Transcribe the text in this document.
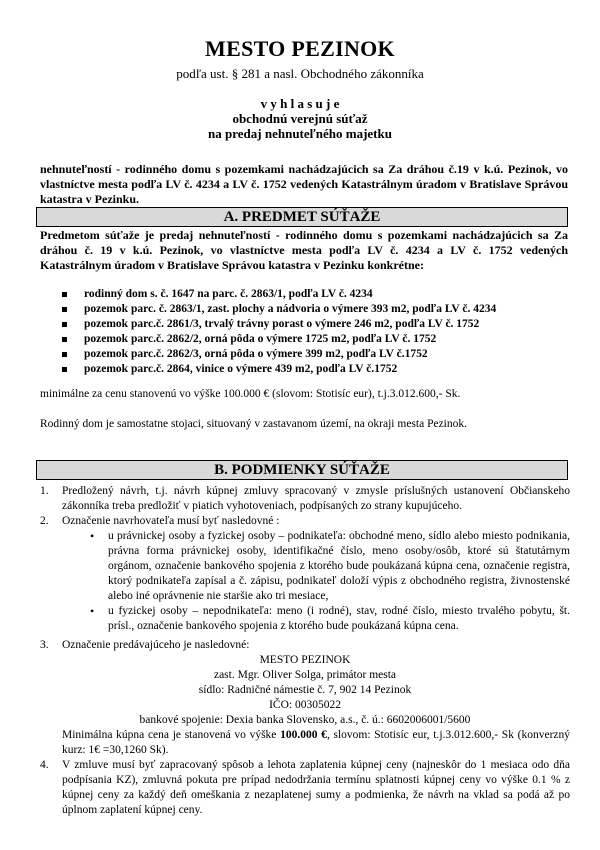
MESTO PEZINOK
podľa ust. § 281 a nasl. Obchodného zákonníka
v y h l a s u j e
obchodnú verejnú súťaž
na predaj nehnuteľného majetku
nehnuteľností - rodinného domu s pozemkami nachádzajúcich sa Za dráhou č.19 v k.ú. Pezinok, vo vlastníctve mesta podľa LV č. 4234 a LV č. 1752 vedených Katastrálnym úradom v Bratislave Správou katastra v Pezinku.
A. PREDMET SÚŤAŽE
Predmetom súťaže je predaj nehnuteľností - rodinného domu s pozemkami nachádzajúcich sa Za dráhou č. 19 v k.ú. Pezinok, vo vlastníctve mesta podľa LV č. 4234 a LV č. 1752 vedených Katastrálnym úradom v Bratislave Správou katastra v Pezinku konkrétne:
rodinný dom s. č. 1647 na parc. č. 2863/1, podľa LV č. 4234
pozemok parc. č. 2863/1, zast. plochy a nádvoria o výmere 393 m2, podľa LV č. 4234
pozemok parc.č. 2861/3, trvalý trávny porast o výmere 246 m2, podľa LV č. 1752
pozemok parc.č. 2862/2, orná pôda o výmere 1725 m2, podľa LV č. 1752
pozemok parc.č. 2862/3, orná pôda o výmere 399 m2, podľa LV č.1752
pozemok parc.č. 2864, vinice o výmere 439 m2, podľa LV č.1752
minimálne za cenu stanovenú vo výške 100.000 € (slovom: Stotisíc eur), t.j.3.012.600,- Sk.
Rodinný dom je samostatne stojaci, situovaný v zastavanom území, na okraji mesta Pezinok.
B. PODMIENKY SÚŤAŽE
1. Predložený návrh, t.j. návrh kúpnej zmluvy spracovaný v zmysle príslušných ustanovení Občianskeho zákonníka treba predložiť v piatich vyhotoveniach, podpísaných zo strany kupujúceho.
2. Označenie navrhovateľa musí byť nasledovné :
• u právnickej osoby a fyzickej osoby – podnikateľa: obchodné meno, sídlo alebo miesto podnikania, právna forma právnickej osoby, identifikačné číslo, meno osoby/osôb, ktoré sú štatutárnym orgánom, označenie bankového spojenia z ktorého bude poukázaná kúpna cena, označenie registra, ktorý podnikateľa zapísal a č. zápisu, podnikateľ doloží výpis z obchodného registra, živnostenské alebo iné oprávnenie nie staršie ako tri mesiace,
• u fyzickej osoby – nepodnikateľa: meno (i rodné), stav, rodné číslo, miesto trvalého pobytu, št. prísl., označenie bankového spojenia z ktorého bude poukázaná kúpna cena.
3. Označenie predávajúceho je nasledovné:
MESTO PEZINOK
zast. Mgr. Oliver Solga, primátor mesta
sídlo: Radničné námestie č. 7, 902 14 Pezinok
IČO: 00305022
bankové spojenie: Dexia banka Slovensko, a.s., č. ú.: 6602006001/5600
Minimálna kúpna cena je stanovená vo výške 100.000 €, slovom: Stotisíc eur, t.j.3.012.600,- Sk (konverzný kurz: 1€ =30,1260 Sk).
4. V zmluve musí byť zapracovaný spôsob a lehota zaplatenia kúpnej ceny (najneskôr do 1 mesiaca odo dňa podpísania KZ), zmluvná pokuta pre prípad nedodržania termínu splatnosti kúpnej ceny vo výške 0.1 % z kúpnej ceny za každý deň omeškania z nezaplatenej sumy a podmienka, že návrh na vklad sa podá až po úplnom zaplatení kúpnej ceny.
